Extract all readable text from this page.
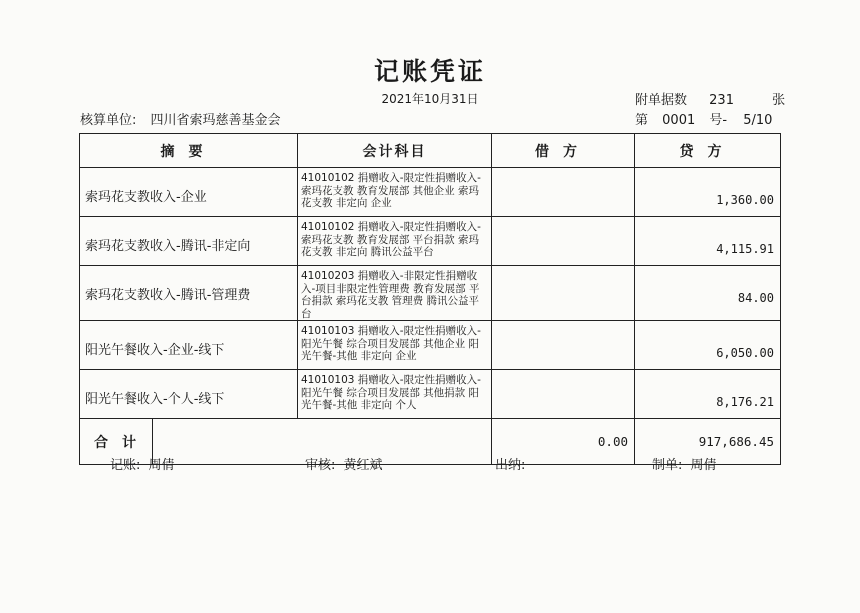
记账凭证
2021年10月31日
核算单位: 四川省索玛慈善基金会
附单据数 231	张
第 0001 号- 5/10
摘要	会计科目	借方	贷方
索玛花支教收入-企业	41010102 捐赠收入-限定性捐赠收入-索玛花支教 教育发展部 其他企业 索玛花支教 非定向 企业		1,360.00
索玛花支教收入-腾讯-非定向	41010102 捐赠收入-限定性捐赠收入-索玛花支教 教育发展部 平台捐款 索玛花支教 非定向 腾讯公益平台		4,115.91
索玛花支教收入-腾讯-管理费	41010203 捐赠收入-非限定性捐赠收入-项目非限定性管理费 教育发展部 平台捐款 索玛花支教 管理费 腾讯公益平台		84.00
阳光午餐收入-企业-线下	41010103 捐赠收入-限定性捐赠收入-阳光午餐 综合项目发展部 其他企业 阳光午餐-其他 非定向 企业		6,050.00
阳光午餐收入-个人-线下	41010103 捐赠收入-限定性捐赠收入-阳光午餐 综合项目发展部 其他捐款 阳光午餐-其他 非定向 个人		8,176.21

合计		0.00	917,686.45
记账: 周倩	审核: 黄红斌	出纳:	制单: 周倩
